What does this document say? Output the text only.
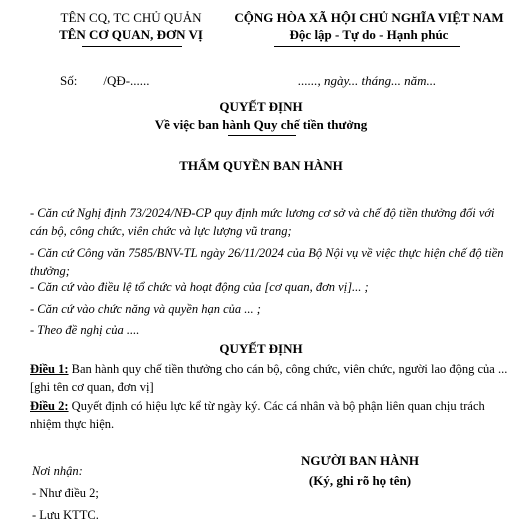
TÊN CQ, TC CHỦ QUẢN
TÊN CƠ QUAN, ĐƠN VỊ
CỘNG HÒA XÃ HỘI CHỦ NGHĨA VIỆT NAM
Độc lập - Tự do - Hạnh phúc
Số:        /QĐ-......	......, ngày... tháng... năm...
QUYẾT ĐỊNH
Về việc ban hành Quy chế tiền thưởng
THẨM QUYỀN BAN HÀNH
- Căn cứ Nghị định 73/2024/NĐ-CP quy định mức lương cơ sở và chế độ tiền thưởng đối với cán bộ, công chức, viên chức và lực lượng vũ trang;
- Căn cứ Công văn 7585/BNV-TL ngày 26/11/2024 của Bộ Nội vụ về việc thực hiện chế độ tiền thưởng;
- Căn cứ vào điều lệ tổ chức và hoạt động của [cơ quan, đơn vị]... ;
- Căn cứ vào chức năng và quyền hạn của ... ;
- Theo đề nghị của ....
QUYẾT ĐỊNH
Điều 1: Ban hành quy chế tiền thưởng cho cán bộ, công chức, viên chức, người lao động của ...[ghi tên cơ quan, đơn vị]
Điều 2: Quyết định có hiệu lực kể từ ngày ký. Các cá nhân và bộ phận liên quan chịu trách nhiệm thực hiện.
NGƯỜI BAN HÀNH
(Ký, ghi rõ họ tên)
Nơi nhận:
- Như điều 2;
- Lưu KTTC.
